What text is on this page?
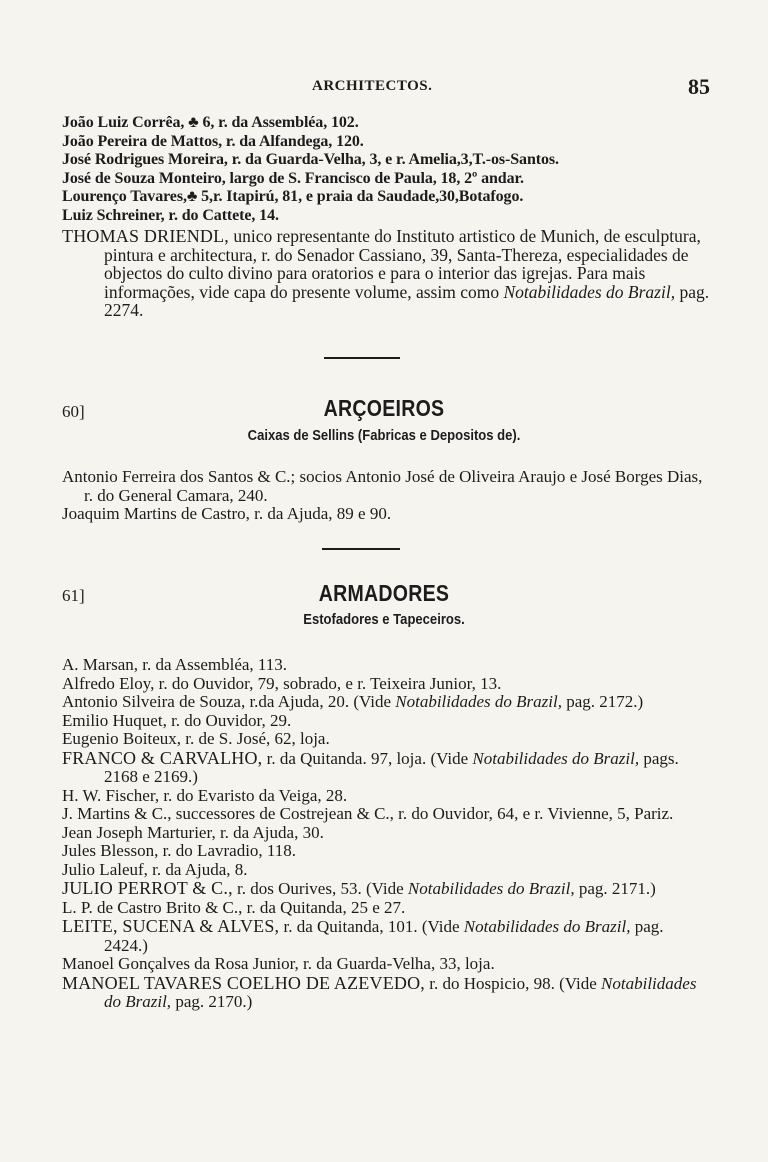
ARCHITECTOS.	85

João Luiz Corrêa, ♣ 6, r. da Assembléa, 102.

João Pereira de Mattos, r. da Alfandega, 120.

José Rodrigues Moreira, r. da Guarda-Velha, 3, e r. Amelia,3,T.-os-Santos.

José de Souza Monteiro, largo de S. Francisco de Paula, 18, 2º andar.

Lourenço Tavares,♣ 5,r. Itapirú, 81, e praia da Saudade,30,Botafogo.

Luiz Schreiner, r. do Cattete, 14.

THOMAS DRIENDL, unico representante do Instituto artistico de Munich, de esculptura, pintura e architectura, r. do Senador Cassiano, 39, Santa-Thereza, especialidades de objectos do culto divino para oratorios e para o interior das igrejas. Para mais informações, vide capa do presente volume, assim como Notabilidades do Brazil, pag. 2274.

60]	ARÇOEIROS
Caixas de Sellins (Fabricas e Depositos de).

Antonio Ferreira dos Santos & C.; socios Antonio José de Oliveira Araujo e José Borges Dias, r. do General Camara, 240.

Joaquim Martins de Castro, r. da Ajuda, 89 e 90.

61]	ARMADORES
Estofadores e Tapeceiros.

A. Marsan, r. da Assembléa, 113.

Alfredo Eloy, r. do Ouvidor, 79, sobrado, e r. Teixeira Junior, 13.

Antonio Silveira de Souza, r.da Ajuda, 20. (Vide Notabilidades do Brazil, pag. 2172.)

Emilio Huquet, r. do Ouvidor, 29.

Eugenio Boiteux, r. de S. José, 62, loja.

FRANCO & CARVALHO, r. da Quitanda. 97, loja. (Vide Notabilidades do Brazil, pags. 2168 e 2169.)

H. W. Fischer, r. do Evaristo da Veiga, 28.

J. Martins & C., successores de Costrejean & C., r. do Ouvidor, 64, e r. Vivienne, 5, Pariz.

Jean Joseph Marturier, r. da Ajuda, 30.

Jules Blesson, r. do Lavradio, 118.

Julio Laleuf, r. da Ajuda, 8.

JULIO PERROT & C., r. dos Ourives, 53. (Vide Notabilidades do Brazil, pag. 2171.)

L. P. de Castro Brito & C., r. da Quitanda, 25 e 27.

LEITE, SUCENA & ALVES, r. da Quitanda, 101. (Vide Notabilidades do Brazil, pag. 2424.)

Manoel Gonçalves da Rosa Junior, r. da Guarda-Velha, 33, loja.

MANOEL TAVARES COELHO DE AZEVEDO, r. do Hospicio, 98. (Vide Notabilidades do Brazil, pag. 2170.)
